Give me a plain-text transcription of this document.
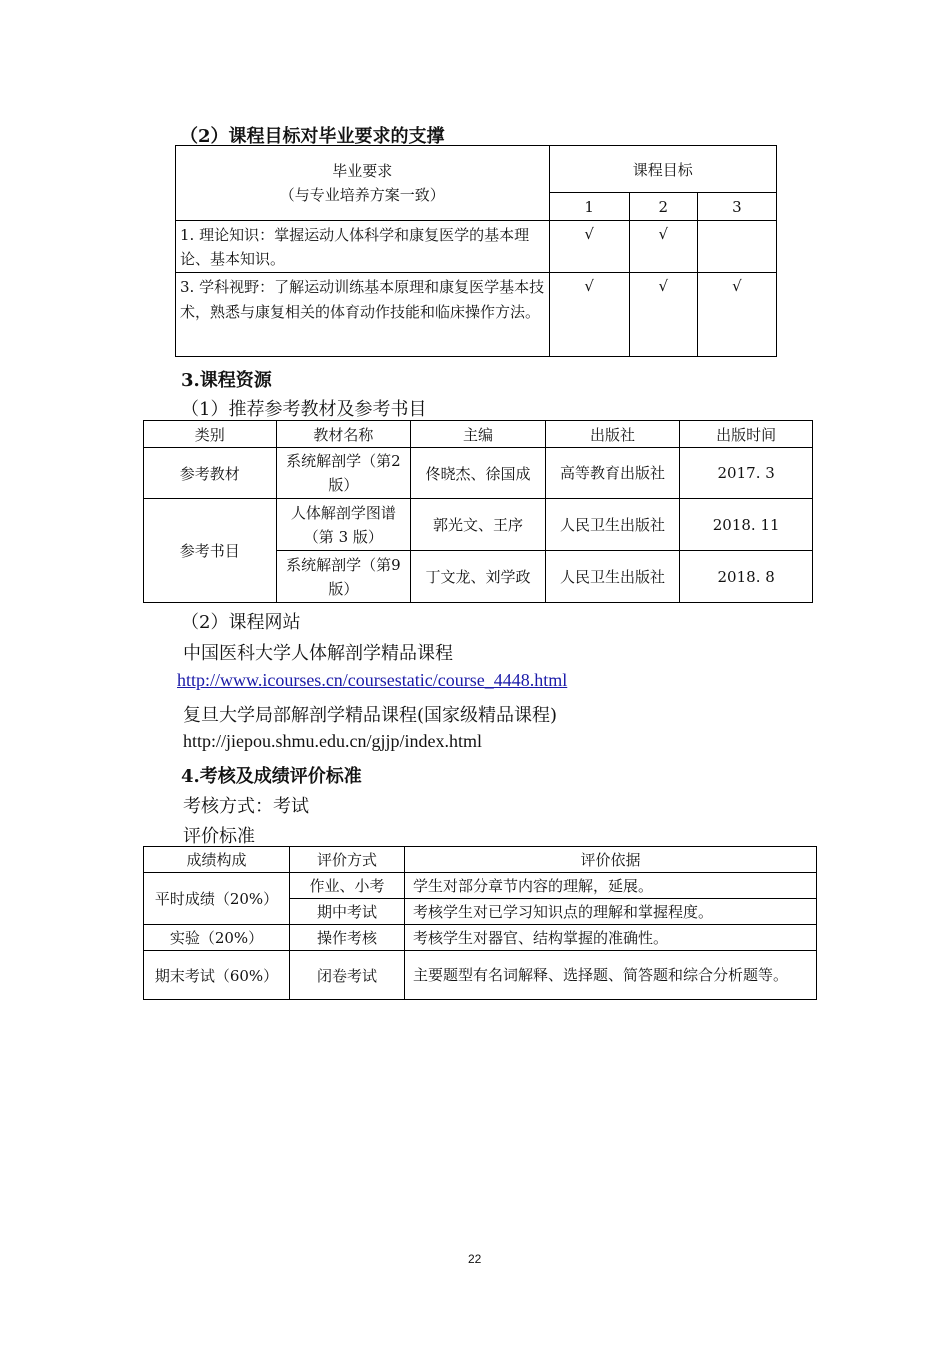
（2）课程目标对毕业要求的支撑
毕业要求
（与专业培养方案一致）	课程目标		
	1	2	3
1. 理论知识：掌握运动人体科学和康复医学的基本理论、基本知识。	√	√	
3. 学科视野：了解运动训练基本原理和康复医学基本技术，熟悉与康复相关的体育动作技能和临床操作方法。	√	√	√
3.课程资源
（1）推荐参考教材及参考书目
类别	教材名称	主编	出版社	出版时间
参考教材	系统解剖学（第2版）	佟晓杰、徐国成	高等教育出版社	2017. 3
参考书目	人体解剖学图谱（第 3 版）	郭光文、王序	人民卫生出版社	2018. 11
	系统解剖学（第9版）	丁文龙、刘学政	人民卫生出版社	2018. 8
（2）课程网站
中国医科大学人体解剖学精品课程
http://www.icourses.cn/coursestatic/course_4448.html
复旦大学局部解剖学精品课程(国家级精品课程)
http://jiepou.shmu.edu.cn/gjjp/index.html
4.考核及成绩评价标准
考核方式：考试
评价标准
成绩构成	评价方式	评价依据
平时成绩（20%）	作业、小考	学生对部分章节内容的理解，延展。
	期中考试	考核学生对已学习知识点的理解和掌握程度。
实验（20%）	操作考核	考核学生对器官、结构掌握的准确性。
期末考试（60%）	闭卷考试	主要题型有名词解释、选择题、简答题和综合分析题等。
22
